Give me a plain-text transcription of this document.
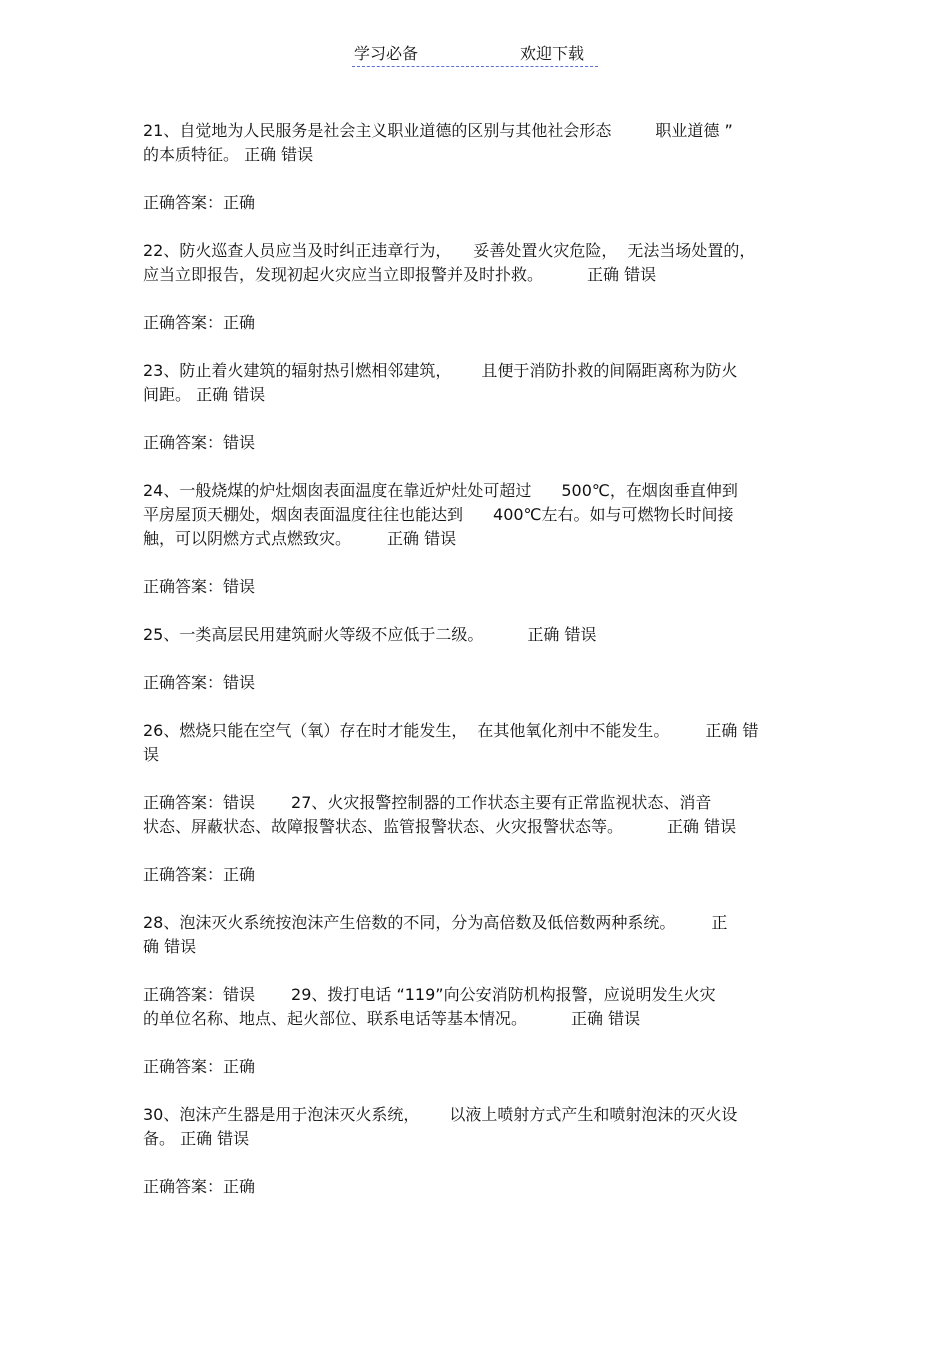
学习必备	欢迎下载
21、自觉地为人民服务是社会主义职业道德的区别与其他社会形态	职业道德 ”
的本质特征。 正确 错误
正确答案：正确
22、防火巡查人员应当及时纠正违章行为， 妥善处置火灾危险， 无法当场处置的，
应当立即报告，发现初起火灾应当立即报警并及时扑救。	正确 错误
正确答案：正确
23、防止着火建筑的辐射热引燃相邻建筑， 且便于消防扑救的间隔距离称为防火
间距。 正确 错误
正确答案：错误
24、一般烧煤的炉灶烟囱表面温度在靠近炉灶处可超过 500℃，在烟囱垂直伸到
平房屋顶天棚处，烟囱表面温度往往也能达到 400℃左右。如与可燃物长时间接
触，可以阴燃方式点燃致灾。 正确 错误
正确答案：错误
25、一类高层民用建筑耐火等级不应低于二级。	正确 错误
正确答案：错误
26、燃烧只能在空气（氧）存在时才能发生， 在其他氧化剂中不能发生。 正确 错
误
正确答案：错误 27、火灾报警控制器的工作状态主要有正常监视状态、消音
状态、屏蔽状态、故障报警状态、监管报警状态、火灾报警状态等。	正确 错误
正确答案：正确
28、泡沫灭火系统按泡沫产生倍数的不同，分为高倍数及低倍数两种系统。 正
确 错误
正确答案：错误 29、拨打电话 “119”向公安消防机构报警，应说明发生火灾
的单位名称、地点、起火部位、联系电话等基本情况。	正确 错误
正确答案：正确
30、泡沫产生器是用于泡沫灭火系统， 以液上喷射方式产生和喷射泡沫的灭火设
备。 正确 错误
正确答案：正确
